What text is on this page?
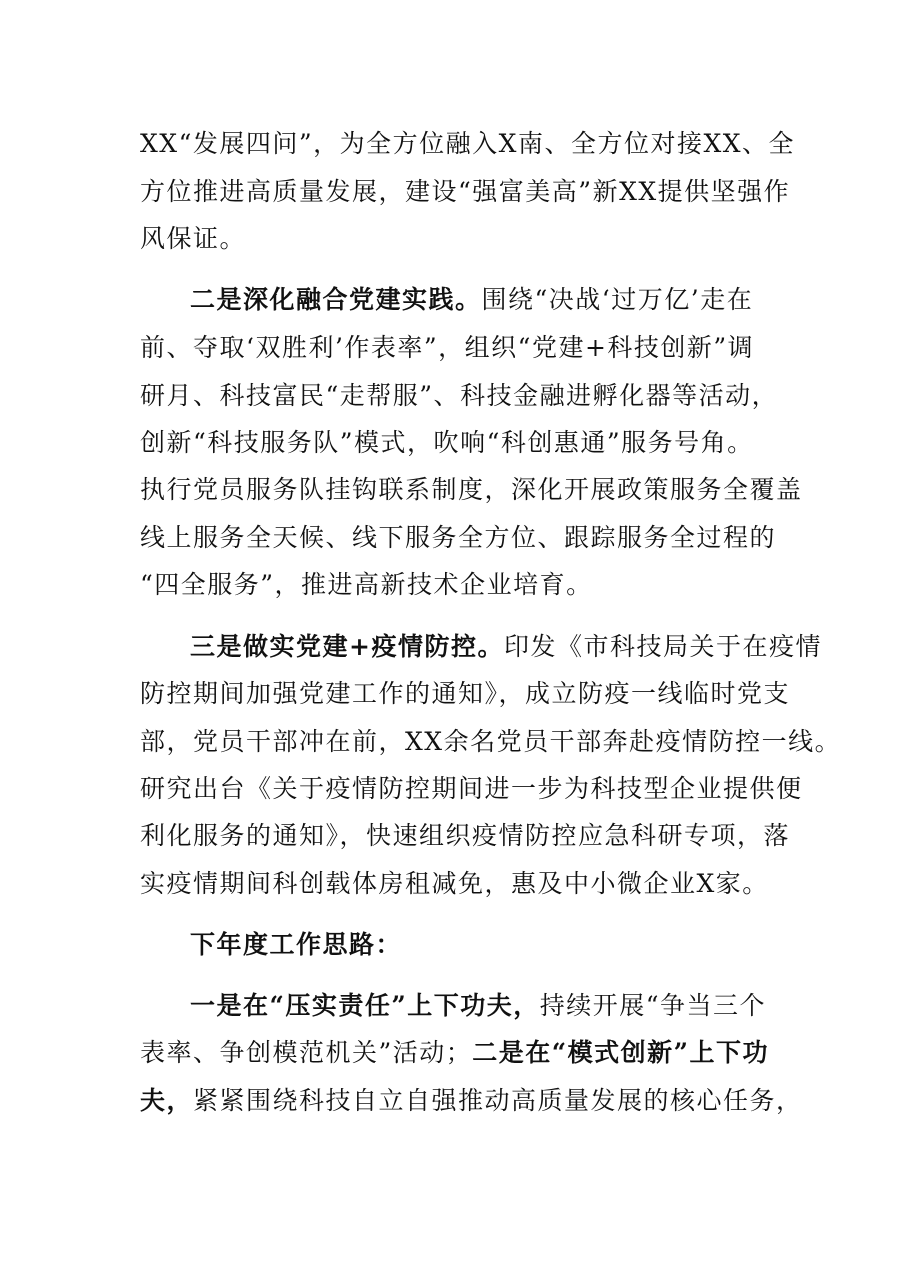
XX“发展四问”，为全方位融入X南、全方位对接XX、全
方位推进高质量发展，建设“强富美高”新XX提供坚强作
风保证。
二是深化融合党建实践。围绕“决战‘过万亿’走在
前、夺取‘双胜利’作表率”，组织“党建+科技创新”调
研月、科技富民“走帮服”、科技金融进孵化器等活动，
创新“科技服务队”模式，吹响“科创惠通”服务号角。
执行党员服务队挂钩联系制度，深化开展政策服务全覆盖
线上服务全天候、线下服务全方位、跟踪服务全过程的
“四全服务”，推进高新技术企业培育。
三是做实党建+疫情防控。印发《市科技局关于在疫情
防控期间加强党建工作的通知》，成立防疫一线临时党支
部，党员干部冲在前，XX余名党员干部奔赴疫情防控一线。
研究出台《关于疫情防控期间进一步为科技型企业提供便
利化服务的通知》，快速组织疫情防控应急科研专项，落
实疫情期间科创载体房租减免，惠及中小微企业X家。
下年度工作思路：
一是在“压实责任”上下功夫，持续开展“争当三个
表率、争创模范机关”活动；二是在“模式创新”上下功
夫，紧紧围绕科技自立自强推动高质量发展的核心任务，
